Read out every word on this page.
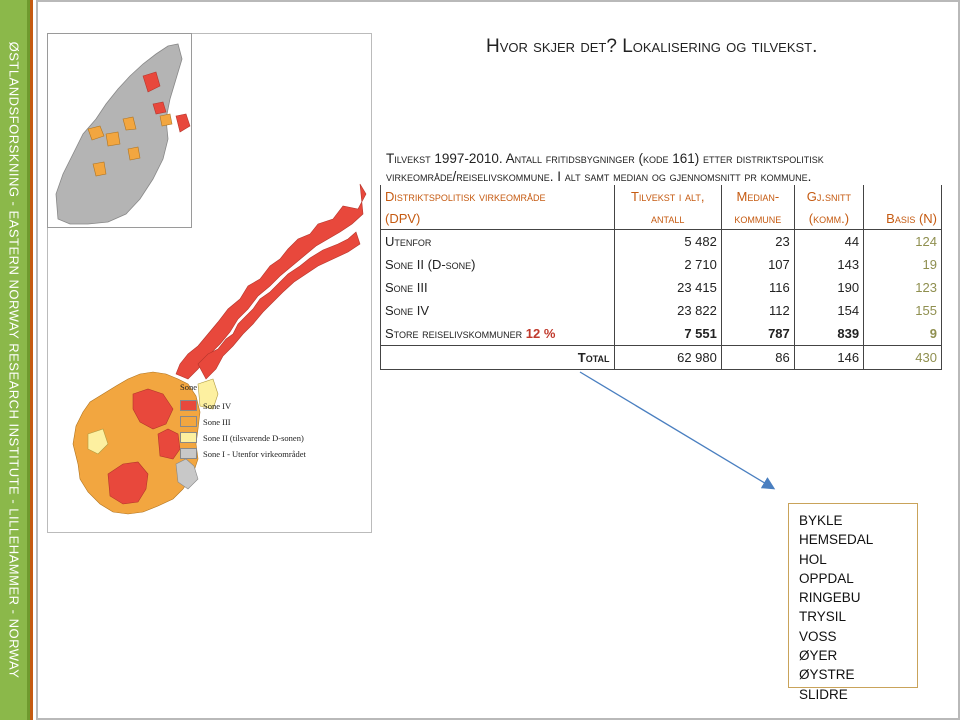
ØSTLANDSFORSKNING - EASTERN NORWAY RESEARCH INSTITUTE - LILLEHAMMER - NORWAY	Hvor skjer det? Lokalisering og tilvekst.
Tilvekst 1997-2010. Antall fritidsbygninger (kode 161) etter distriktspolitisk virkeområde/reiselivskommune. I alt samt median og gjennomsnitt pr kommune.
Sone
Sone IV
Sone III
Sone II (tilsvarende D-sonen)
Sone I - Utenfor virkeområdet
Distriktspolitisk virkeområde	Tilvekst i alt,	Median-	Gj.snitt	
(DPV)	antall	kommune	(komm.)	Basis (N)
Utenfor	5 482	23	44	124
Sone II (D-sone)	2 710	107	143	19
Sone III	23 415	116	190	123
Sone IV	23 822	112	154	155
Store reiselivskommuner 12 %	7 551	787	839	9
Total	62 980	86	146	430
BYKLE
HEMSEDAL
HOL
OPPDAL
RINGEBU
TRYSIL
VOSS
ØYER
ØYSTRE SLIDRE
